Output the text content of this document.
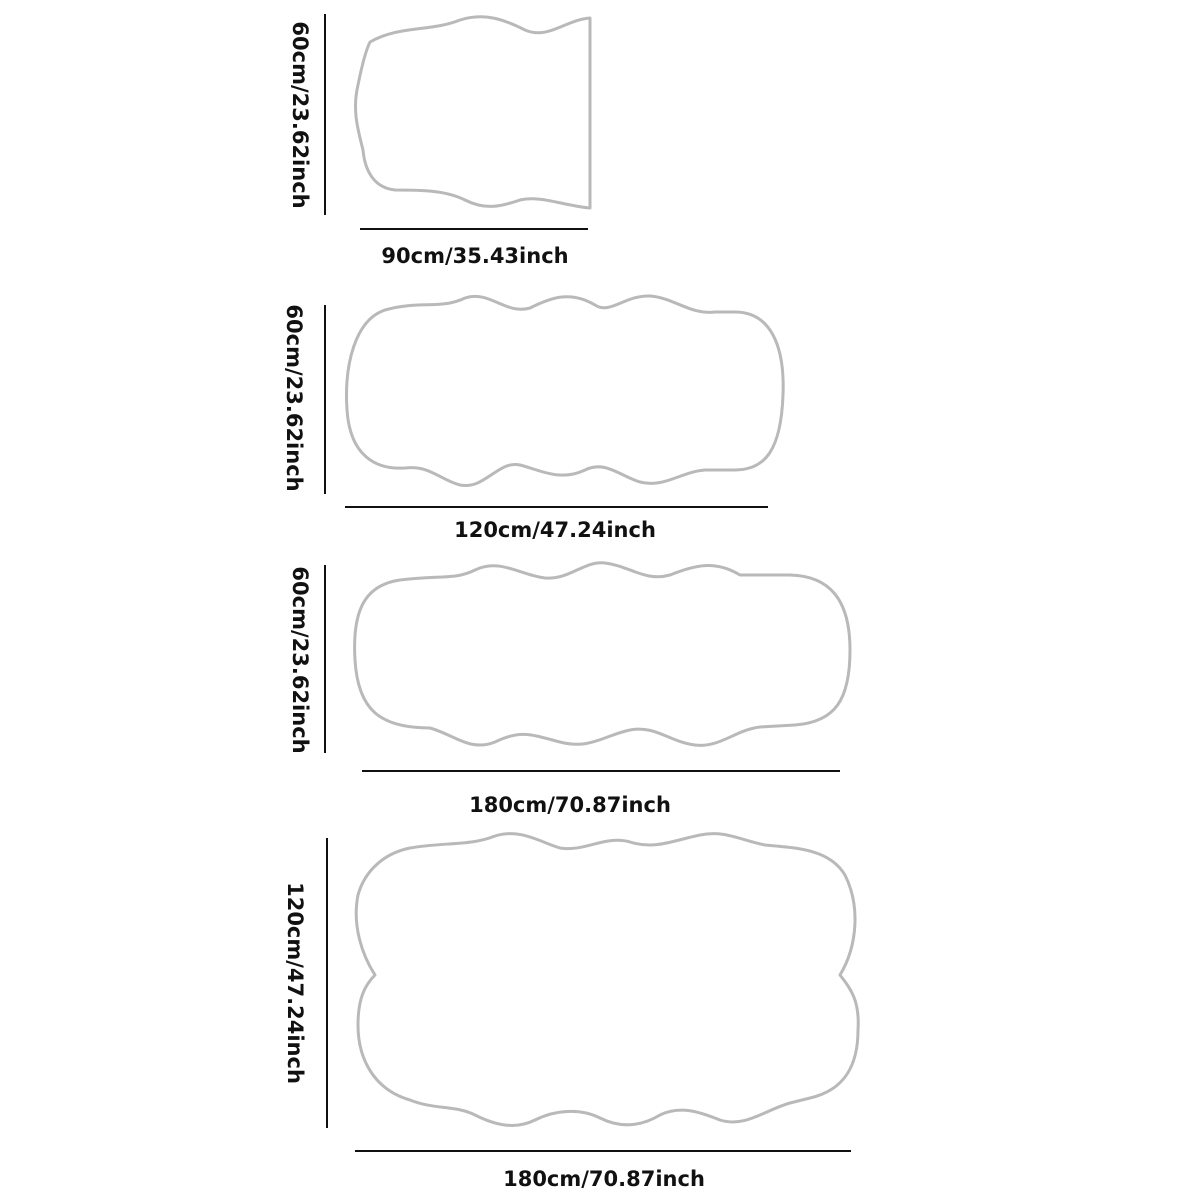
90cm/35.43inch
60cm/23.62inch
120cm/47.24inch
60cm/23.62inch
180cm/70.87inch
60cm/23.62inch
180cm/70.87inch
120cm/47.24inch
